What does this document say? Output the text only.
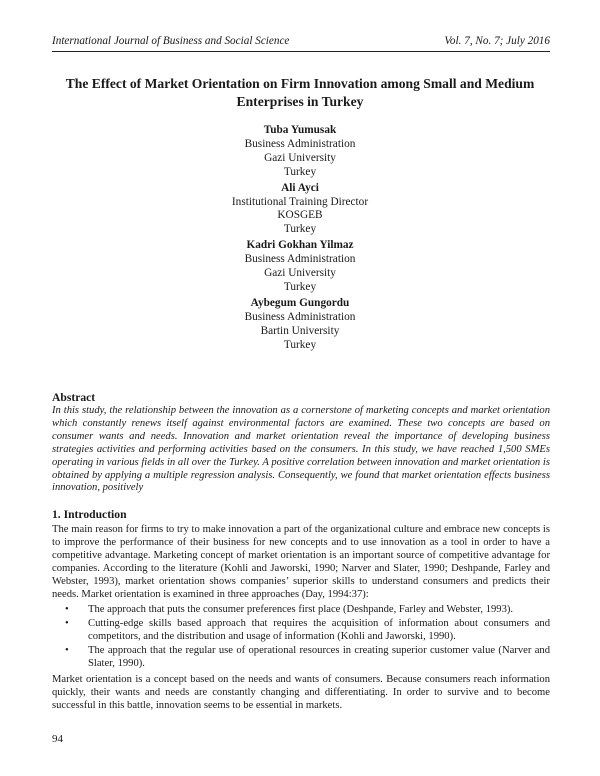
International Journal of Business and Social Science	Vol. 7, No. 7; July 2016
The Effect of Market Orientation on Firm Innovation among Small and Medium Enterprises in Turkey
Tuba Yumusak
Business Administration
Gazi University
Turkey
Ali Ayci
Institutional Training Director
KOSGEB
Turkey
Kadri Gokhan Yilmaz
Business Administration
Gazi University
Turkey
Aybegum Gungordu
Business Administration
Bartin University
Turkey
Abstract

In this study, the relationship between the innovation as a cornerstone of marketing concepts and market orientation which constantly renews itself against environmental factors are examined. These two concepts are based on consumer wants and needs. Innovation and market orientation reveal the importance of developing business strategies activities and performing activities based on the consumers. In this study, we have reached 1,500 SMEs operating in various fields in all over the Turkey. A positive correlation between innovation and market orientation is obtained by applying a multiple regression analysis. Consequently, we found that market orientation effects business innovation, positively

1. Introduction

The main reason for firms to try to make innovation a part of the organizational culture and embrace new concepts is to improve the performance of their business for new concepts and to use innovation as a tool in order to have a competitive advantage. Marketing concept of market orientation is an important source of competitive advantage for companies. According to the literature (Kohli and Jaworski, 1990; Narver and Slater, 1990; Deshpande, Farley and Webster, 1993), market orientation shows companies’ superior skills to understand consumers and predicts their needs. Market orientation is examined in three approaches (Day, 1994:37):

• The approach that puts the consumer preferences first place (Deshpande, Farley and Webster, 1993).
• Cutting-edge skills based approach that requires the acquisition of information about consumers and competitors, and the distribution and usage of information (Kohli and Jaworski, 1990).
• The approach that the regular use of operational resources in creating superior customer value (Narver and Slater, 1990).

Market orientation is a concept based on the needs and wants of consumers. Because consumers reach information quickly, their wants and needs are constantly changing and differentiating. In order to survive and to become successful in this battle, innovation seems to be essential in markets.

94
